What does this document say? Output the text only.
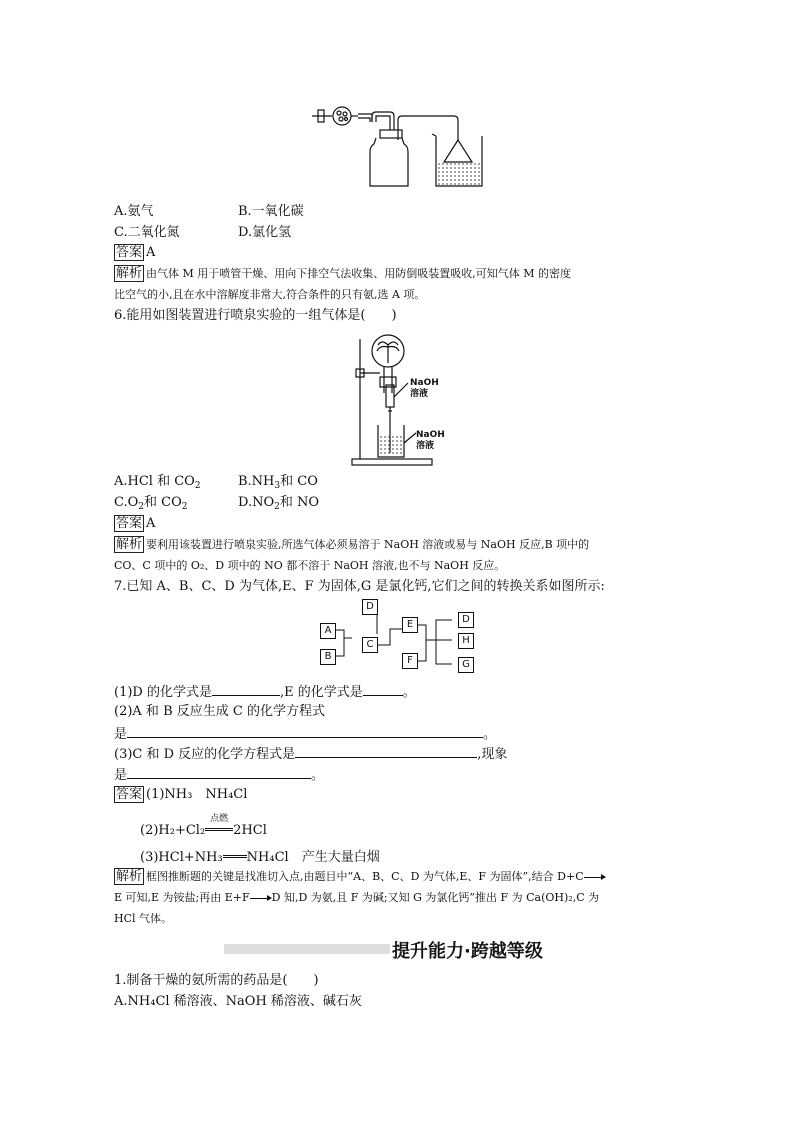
A.氨气	B.一氧化碳
C.二氧化氮	D.氯化氢
答案 A
解析 由气体 M 用于喷管干燥、用向下排空气法收集、用防倒吸装置吸收,可知气体 M 的密度
比空气的小,且在水中溶解度非常大,符合条件的只有氨,选 A 项。
6.能用如图装置进行喷泉实验的一组气体是(　　)
NaOH
溶液
NaOH
溶液
A.HCl 和 $CO_2$	$B.NH_3$和 CO
$C.O_2$和 $CO_2$	$D.NO_2$和 NO
答案 A
解析 要利用该装置进行喷泉实验,所选气体必须易溶于 NaOH 溶液或易与 NaOH 反应,B 项中的
CO、C 项中的 O₂、D 项中的 NO 都不溶于 NaOH 溶液,也不与 NaOH 反应。
7.已知 A、B、C、D 为气体,E、F 为固体,G 是氯化钙,它们之间的转换关系如图所示:
A
B
C
D
E
F
D
H
G
(1)D 的化学式是	,E 的化学式是	。
(2)A 和 B 反应生成 C 的化学方程式
是	。
(3)C 和 D 反应的化学方程式是	,现象
是	。
答案 (1)NH₃　NH₄Cl
(2)H₂+Cl₂
点燃
2HCl
(3)HCl+NH₃ NH₄Cl　产生大量白烟
解析 框图推断题的关键是找准切入点,由题目中“A、B、C、D 为气体,E、F 为固体”,结合 D+C
E 可知,E 为铵盐;再由 E+F D 知,D 为氨,且 F 为碱;又知 G 为氯化钙”推出 F 为 Ca(OH)₂,C 为
HCl 气体。
提升能力·跨越等级
1.制备干燥的氨所需的药品是(　　)
A.NH₄Cl 稀溶液、NaOH 稀溶液、碱石灰
